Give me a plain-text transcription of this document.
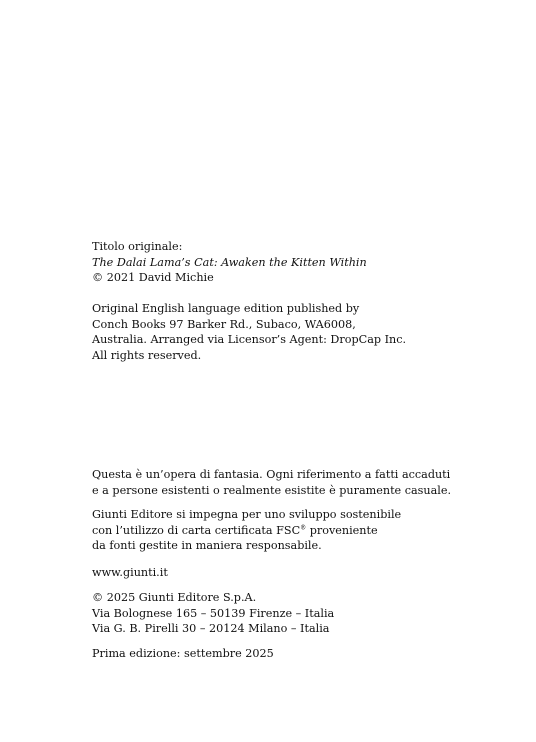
Titolo originale:
The Dalai Lama’s Cat: Awaken the Kitten Within
© 2021 David Michie
Original English language edition published by
Conch Books 97 Barker Rd., Subaco, WA6008,
Australia. Arranged via Licensor’s Agent: DropCap Inc.
All rights reserved.
Questa è un’opera di fantasia. Ogni riferimento a fatti accaduti
e a persone esistenti o realmente esistite è puramente casuale.
Giunti Editore si impegna per uno sviluppo sostenibile
con l’utilizzo di carta certificata FSC® proveniente
da fonti gestite in maniera responsabile.
www.giunti.it
© 2025 Giunti Editore S.p.A.
Via Bolognese 165 – 50139 Firenze – Italia
Via G. B. Pirelli 30 – 20124 Milano – Italia
Prima edizione: settembre 2025
